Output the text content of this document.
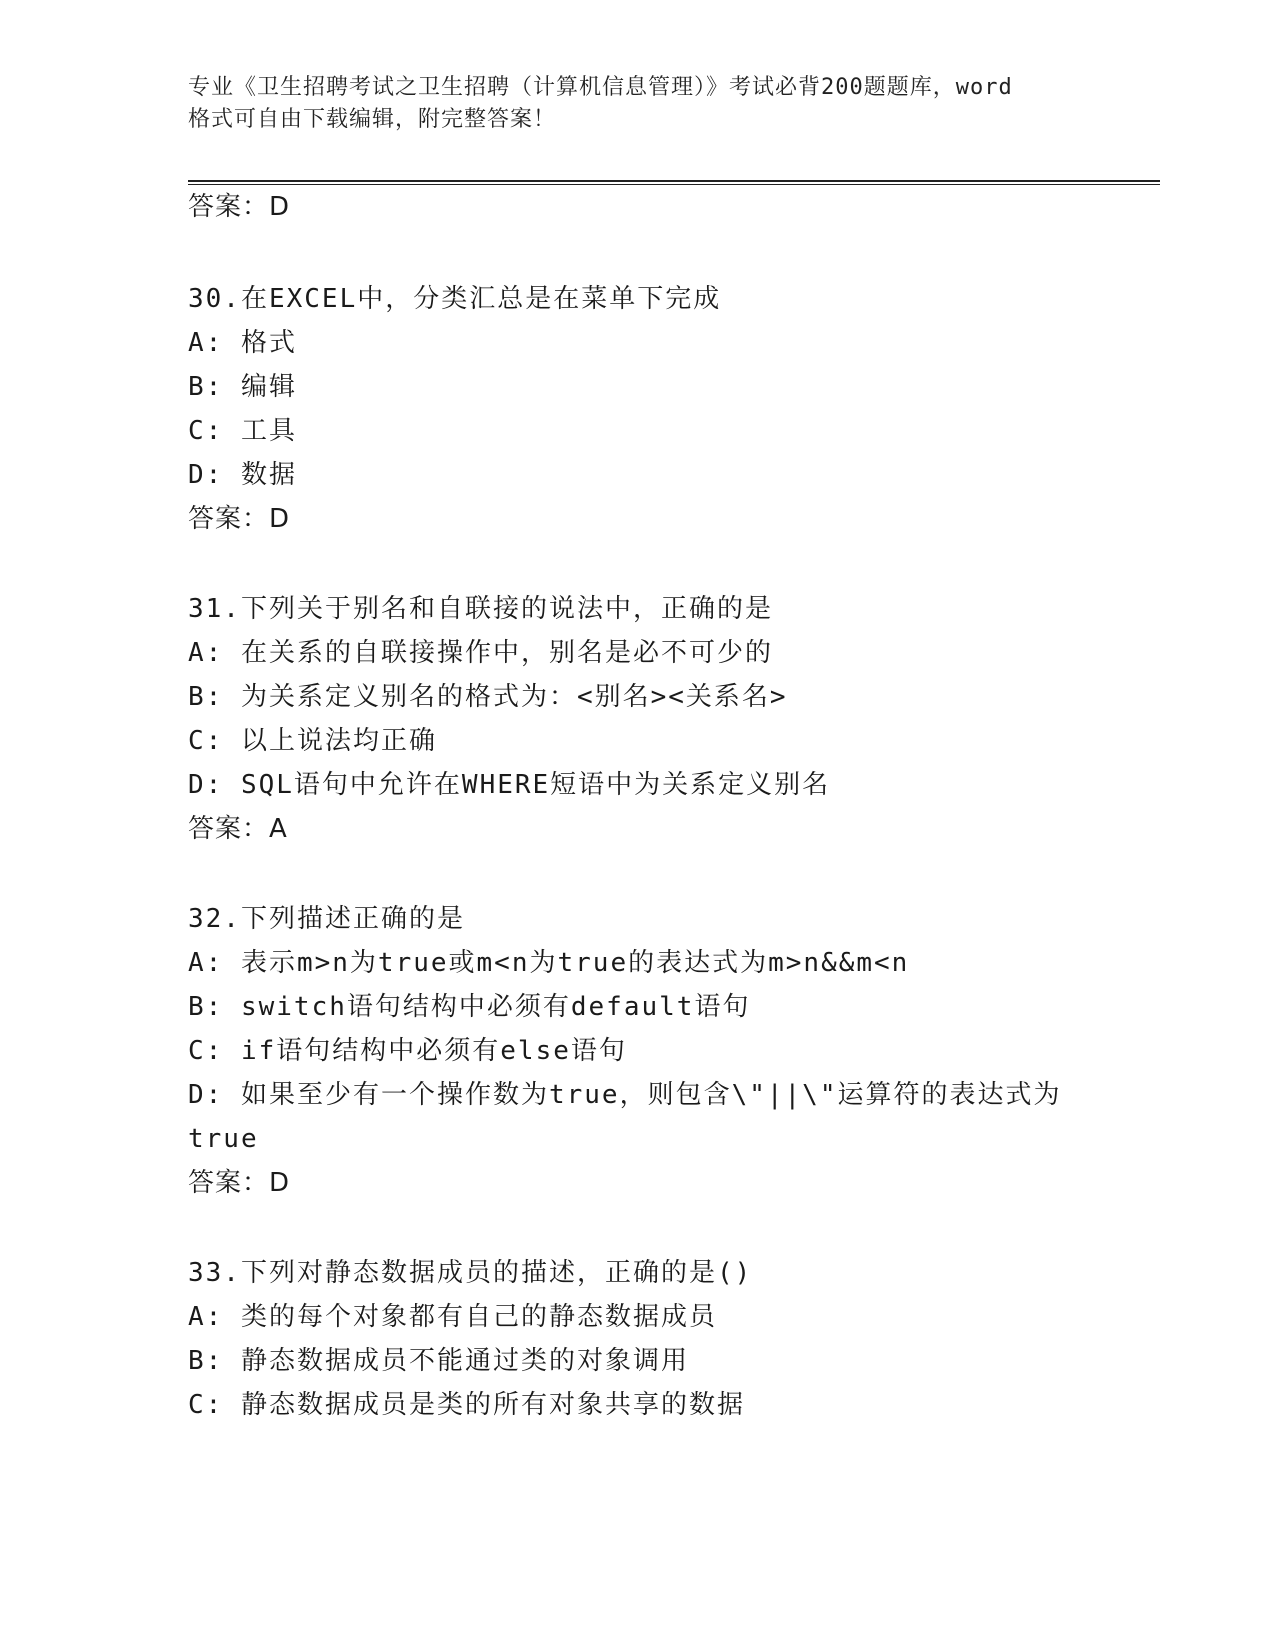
专业《卫生招聘考试之卫生招聘（计算机信息管理）》考试必背200题题库，word
格式可自由下载编辑，附完整答案！
答案：D
30.在EXCEL中，分类汇总是在菜单下完成
A: 格式
B: 编辑
C: 工具
D: 数据
答案：D
31.下列关于别名和自联接的说法中，正确的是
A: 在关系的自联接操作中，别名是必不可少的
B: 为关系定义别名的格式为：<别名><关系名>
C: 以上说法均正确
D: SQL语句中允许在WHERE短语中为关系定义别名
答案：A
32.下列描述正确的是
A: 表示m>n为true或m<n为true的表达式为m>n&&m<n
B: switch语句结构中必须有default语句
C: if语句结构中必须有else语句
D: 如果至少有一个操作数为true，则包含\"||\"运算符的表达式为
true
答案：D
33.下列对静态数据成员的描述，正确的是()
A: 类的每个对象都有自己的静态数据成员
B: 静态数据成员不能通过类的对象调用
C: 静态数据成员是类的所有对象共享的数据
